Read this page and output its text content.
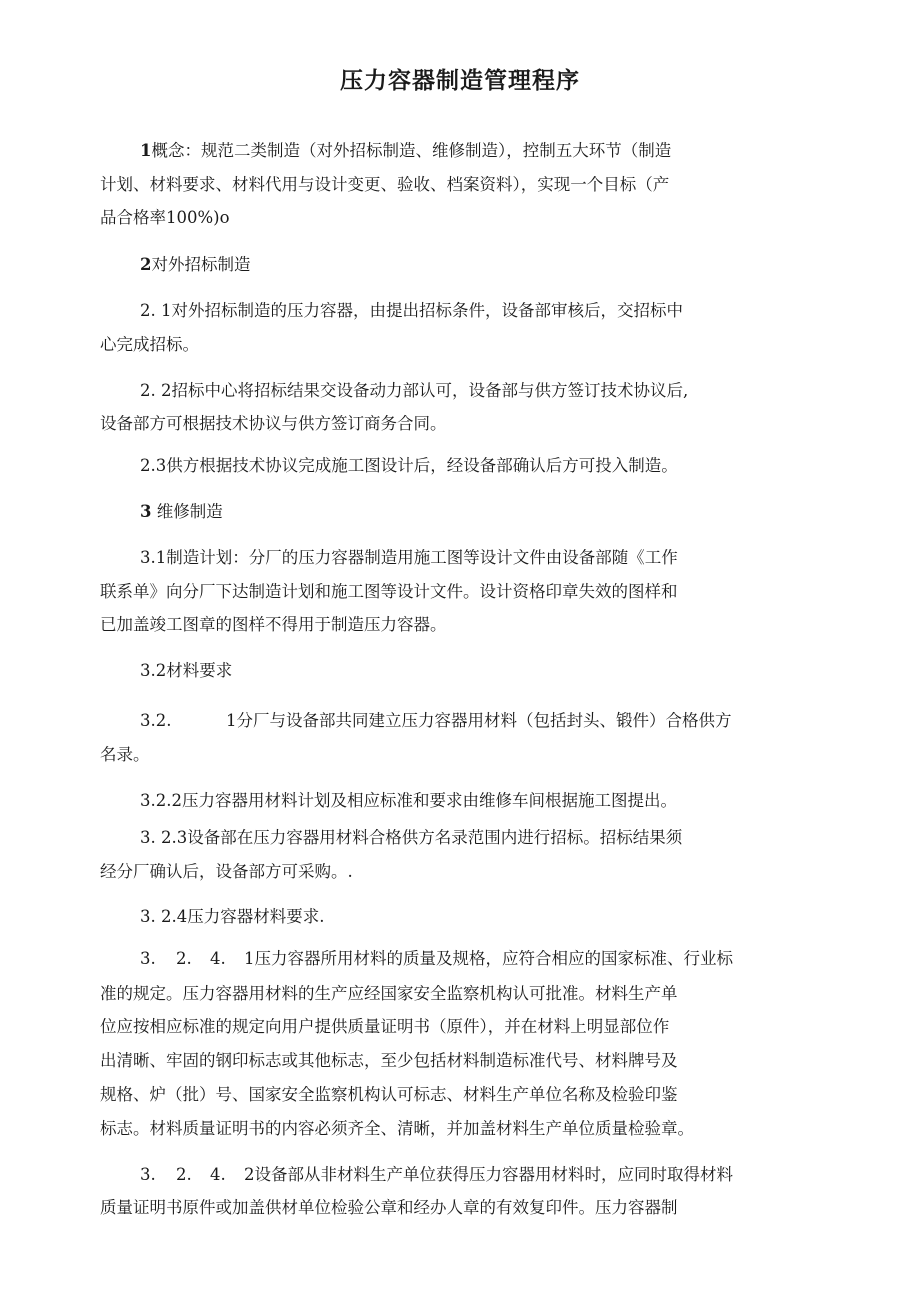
压力容器制造管理程序
1概念：规范二类制造（对外招标制造、维修制造），控制五大环节（制造
计划、材料要求、材料代用与设计变更、验收、档案资料），实现一个目标（产
品合格率100%)o
2对外招标制造
2. 1对外招标制造的压力容器，由提出招标条件，设备部审核后，交招标中
心完成招标。
2. 2招标中心将招标结果交设备动力部认可，设备部与供方签订技术协议后,
设备部方可根据技术协议与供方签订商务合同。
2.3供方根据技术协议完成施工图设计后，经设备部确认后方可投入制造。
3 维修制造
3.1制造计划：分厂的压力容器制造用施工图等设计文件由设备部随《工作
联系单》向分厂下达制造计划和施工图等设计文件。设计资格印章失效的图样和
已加盖竣工图章的图样不得用于制造压力容器。
3.2材料要求
3.2.	1分厂与设备部共同建立压力容器用材料（包括封头、锻件）合格供方
名录。
3.2.2压力容器用材料计划及相应标准和要求由维修车间根据施工图提出。
3. 2.3设备部在压力容器用材料合格供方名录范围内进行招标。招标结果须
经分厂确认后，设备部方可采购。.
3. 2.4压力容器材料要求.
3. 2. 4. 1压力容器所用材料的质量及规格，应符合相应的国家标准、行业标
准的规定。压力容器用材料的生产应经国家安全监察机构认可批准。材料生产单
位应按相应标准的规定向用户提供质量证明书（原件），并在材料上明显部位作
出清晰、牢固的钢印标志或其他标志，至少包括材料制造标准代号、材料牌号及
规格、炉（批）号、国家安全监察机构认可标志、材料生产单位名称及检验印鉴
标志。材料质量证明书的内容必须齐全、清晰，并加盖材料生产单位质量检验章。
3. 2. 4. 2设备部从非材料生产单位获得压力容器用材料时，应同时取得材料
质量证明书原件或加盖供材单位检验公章和经办人章的有效复印件。压力容器制
